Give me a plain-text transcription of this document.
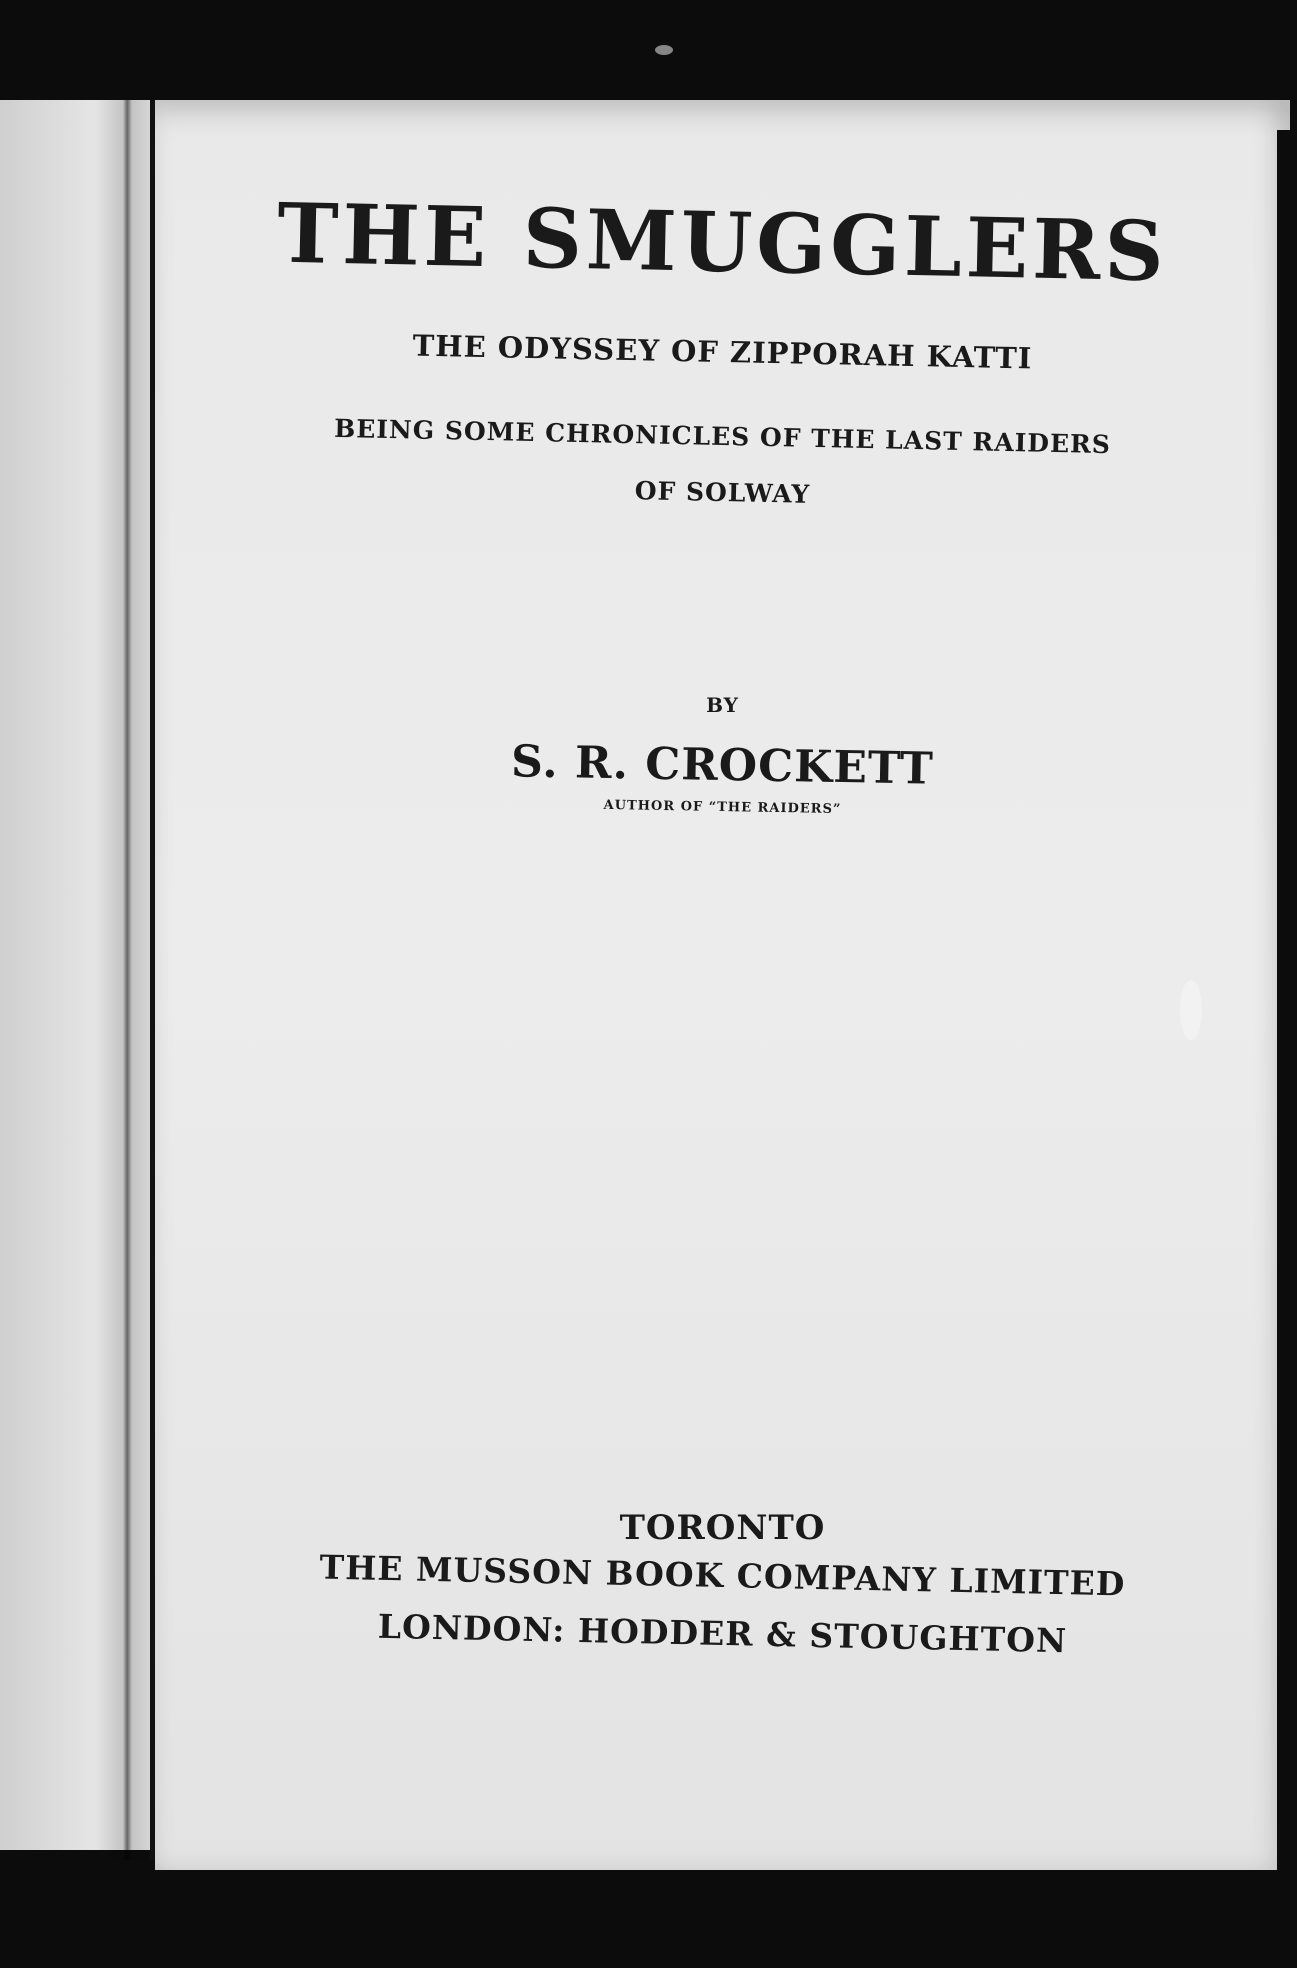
THE SMUGGLERS

THE ODYSSEY OF ZIPPORAH KATTI

BEING SOME CHRONICLES OF THE LAST RAIDERS

OF SOLWAY

BY

S. R. CROCKETT

AUTHOR OF “THE RAIDERS”

TORONTO

THE MUSSON BOOK COMPANY LIMITED

LONDON: HODDER & STOUGHTON
